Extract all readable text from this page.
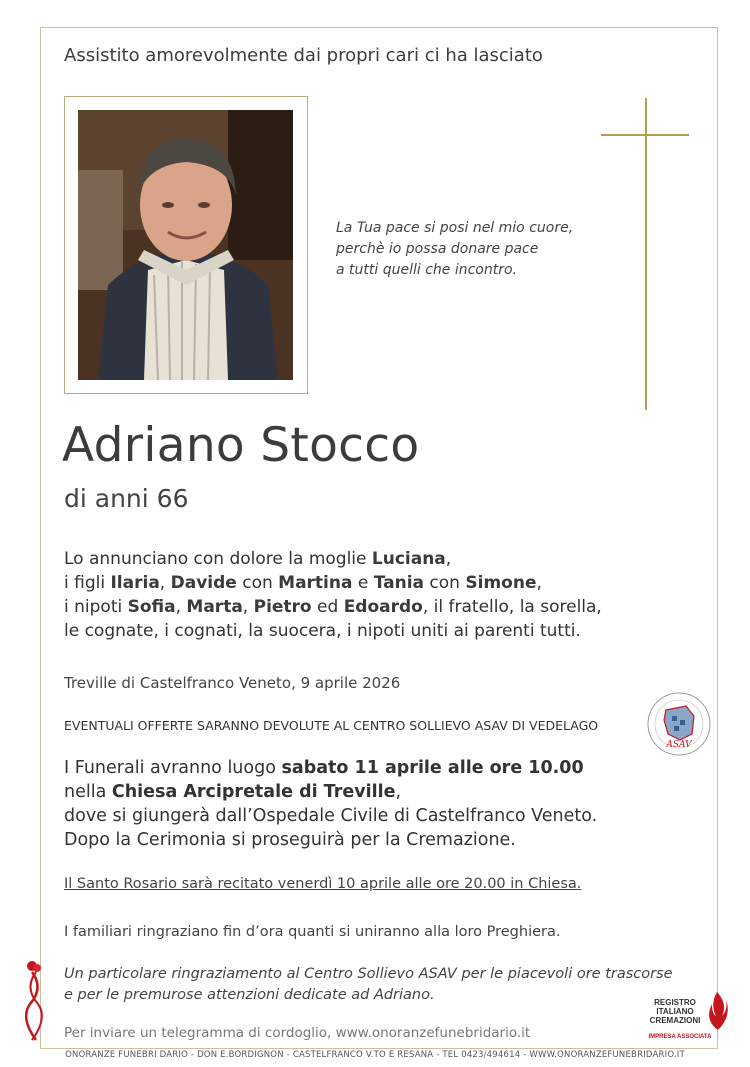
Assistito amorevolmente dai propri cari ci ha lasciato
La Tua pace si posi nel mio cuore,
perchè io possa donare pace
a tutti quelli che incontro.
Adriano Stocco
di anni 66
Lo annunciano con dolore la moglie Luciana,
i figli Ilaria, Davide con Martina e Tania con Simone,
i nipoti Sofia, Marta, Pietro ed Edoardo, il fratello, la sorella,
le cognate, i cognati, la suocera, i nipoti uniti ai parenti tutti.
Treville di Castelfranco Veneto, 9 aprile 2026
EVENTUALI OFFERTE SARANNO DEVOLUTE AL CENTRO SOLLIEVO ASAV DI VEDELAGO
ASAV
I Funerali avranno luogo sabato 11 aprile alle ore 10.00
nella Chiesa Arcipretale di Treville,
dove si giungerà dall’Ospedale Civile di Castelfranco Veneto.
Dopo la Cerimonia si proseguirà per la Cremazione.
Il Santo Rosario sarà recitato venerdì 10 aprile alle ore 20.00 in Chiesa.
I familiari ringraziano fin d’ora quanti si uniranno alla loro Preghiera.
Un particolare ringraziamento al Centro Sollievo ASAV per le piacevoli ore trascorse
e per le premurose attenzioni dedicate ad Adriano.
Per inviare un telegramma di cordoglio, www.onoranzefunebridario.it
REGISTRO
ITALIANO
CREMAZIONI
IMPRESA ASSOCIATA
ONORANZE FUNEBRI DARIO - DON E.BORDIGNON - CASTELFRANCO V.TO E RESANA - TEL 0423/494614 - WWW.ONORANZEFUNEBRIDARIO.IT
